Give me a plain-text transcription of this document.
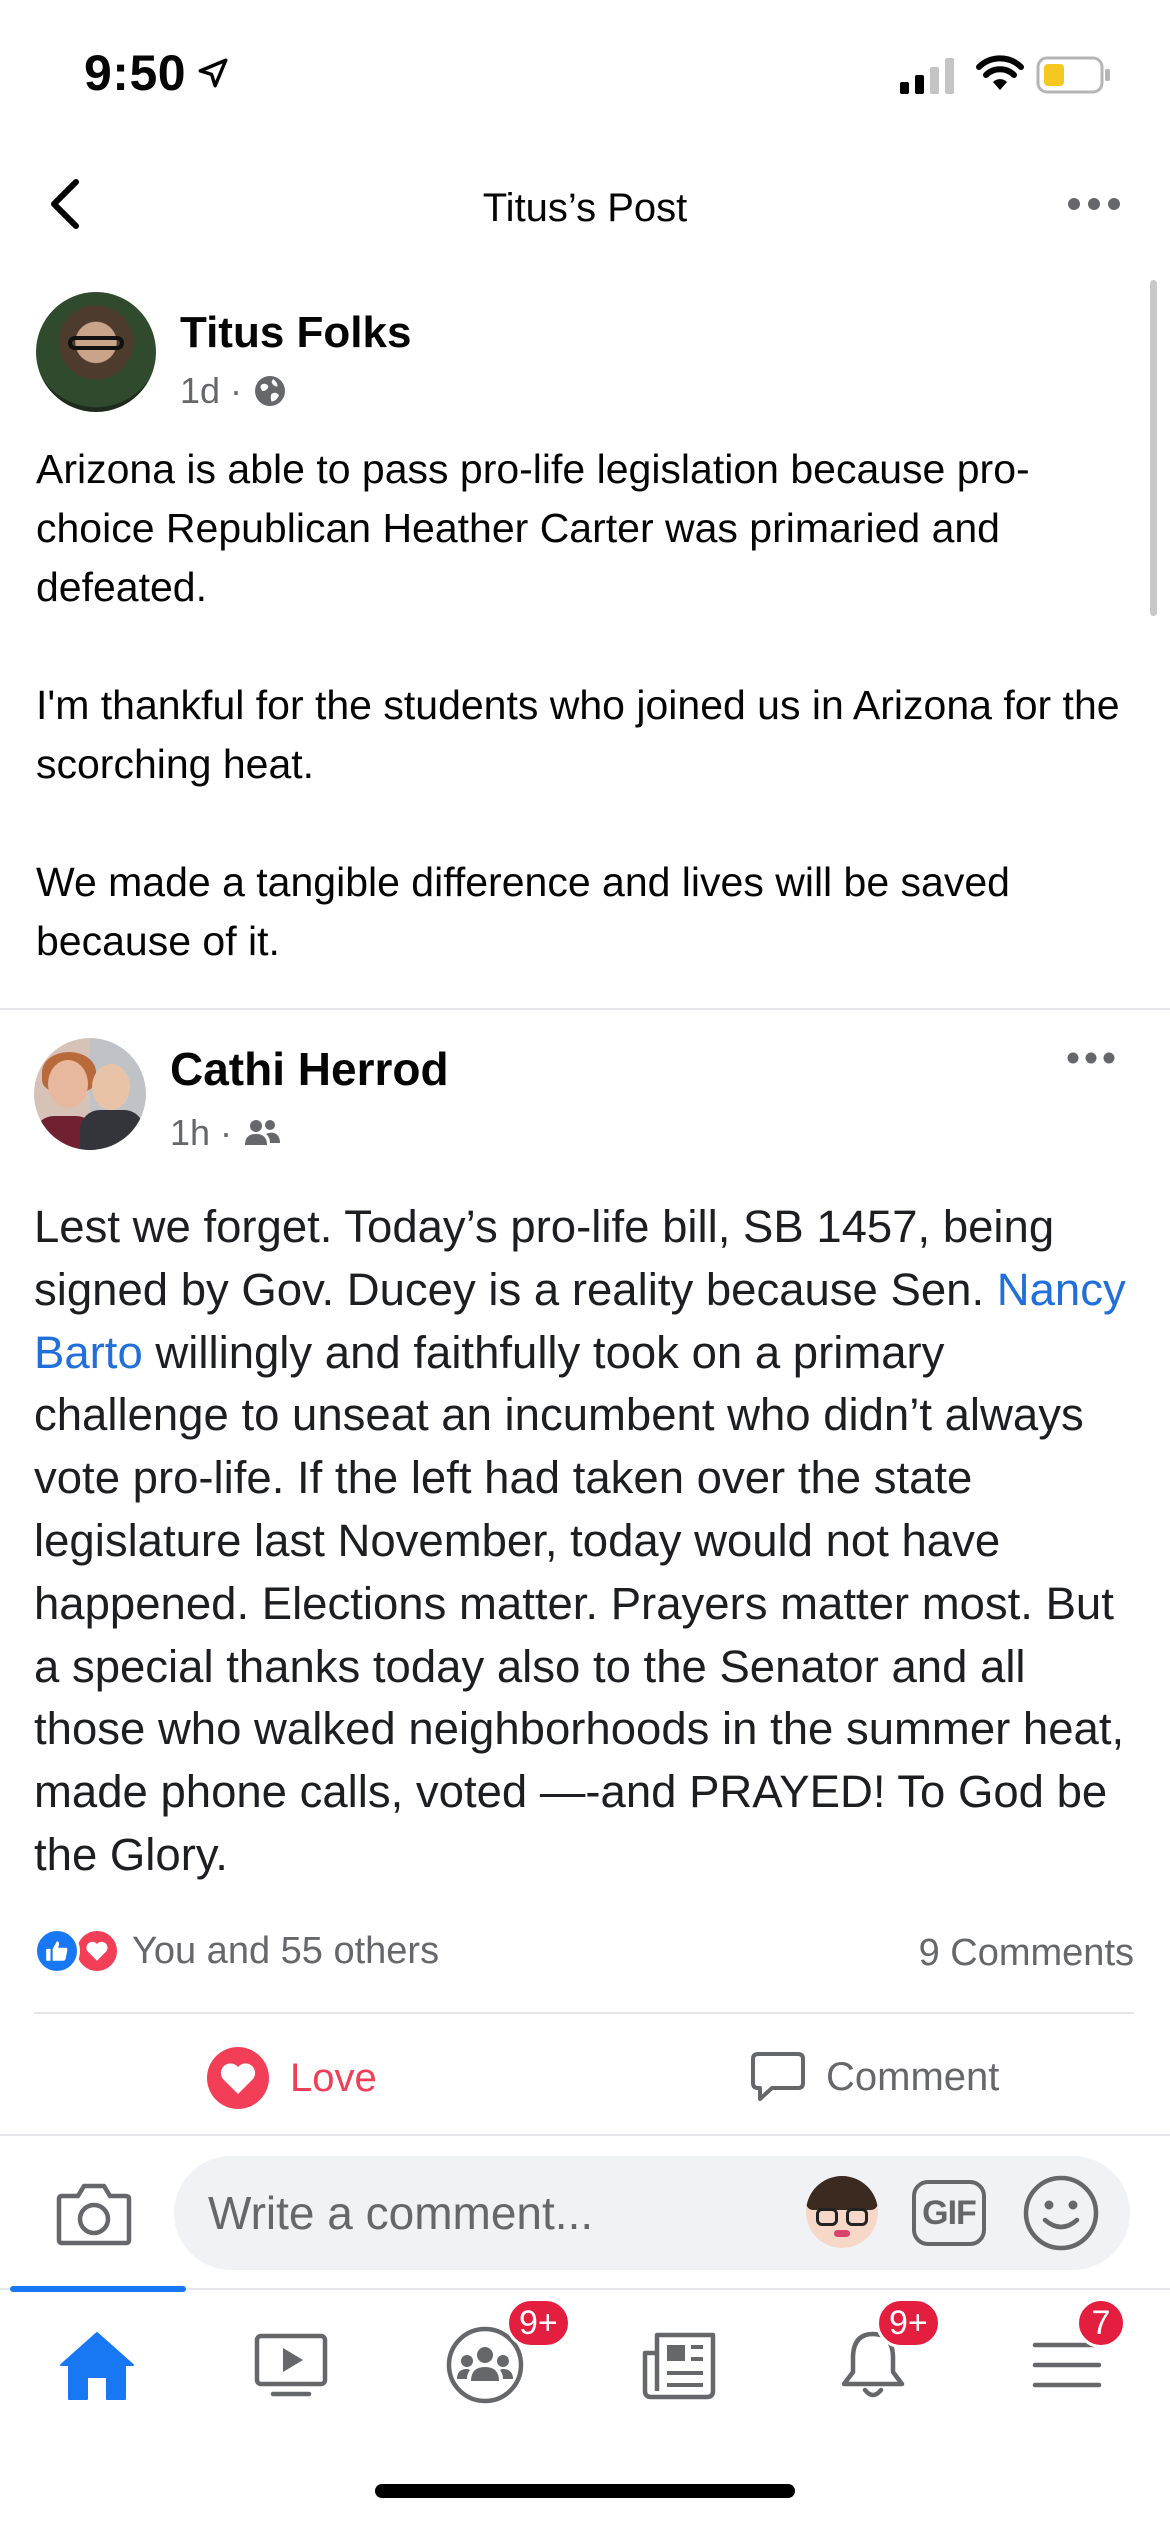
9:50
Titus’s Post
Titus Folks
1d ·

Arizona is able to pass pro-life legislation because pro-choice Republican Heather Carter was primaried and defeated.

I'm thankful for the students who joined us in Arizona for the scorching heat.

We made a tangible difference and lives will be saved because of it.

Cathi Herrod
1h ·
Lest we forget. Today’s pro-life bill, SB 1457, being signed by Gov. Ducey is a reality because Sen. Nancy Barto willingly and faithfully took on a primary challenge to unseat an incumbent who didn’t always vote pro-life. If the left had taken over the state legislature last November, today would not have happened. Elections matter. Prayers matter most. But a special thanks today also to the Senator and all those who walked neighborhoods in the summer heat, made phone calls, voted —-and PRAYED! To God be the Glory.
You and 55 others	9 Comments
Love	Comment
Write a comment...
GIF
9+	9+	7
